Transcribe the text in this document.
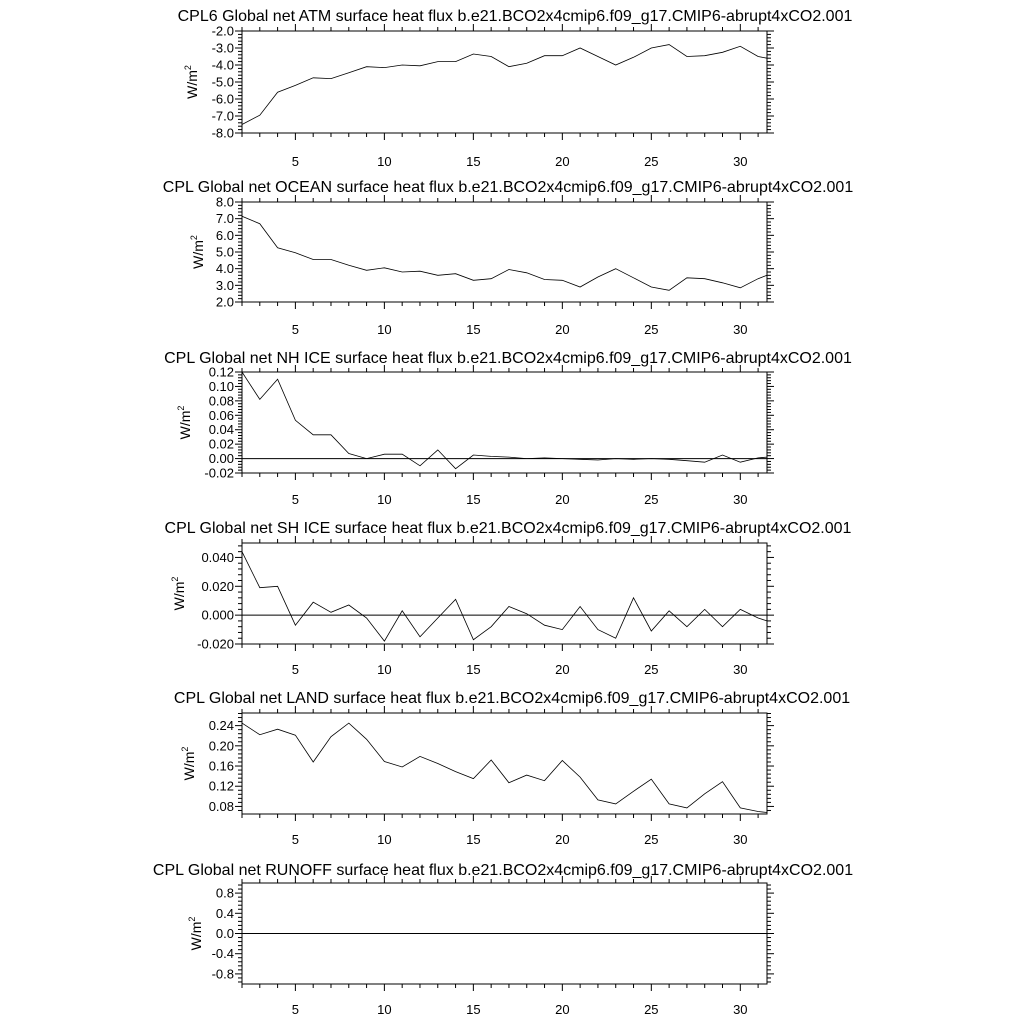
CPL6 Global net ATM surface heat flux b.e21.BCO2x4cmip6.f09_g17.CMIP6-abrupt4xCO2.001
5	10	15	20	25	30
-2.0
-3.0
-4.0
-5.0
-6.0
-7.0
-8.0
$W/m^2$
CPL Global net OCEAN surface heat flux b.e21.BCO2x4cmip6.f09_g17.CMIP6-abrupt4xCO2.001
5	10	15	20	25	30
8.0
7.0
6.0
5.0
4.0
3.0
2.0
$W/m^2$
CPL Global net NH ICE surface heat flux b.e21.BCO2x4cmip6.f09_g17.CMIP6-abrupt4xCO2.001
5	10	15	20	25	30
0.12
0.10
0.08
0.06
0.04
0.02
0.00
-0.02
$W/m^2$
CPL Global net SH ICE surface heat flux b.e21.BCO2x4cmip6.f09_g17.CMIP6-abrupt4xCO2.001
5	10	15	20	25	30
0.040
0.020
0.000
-0.020
$W/m^2$
CPL Global net LAND surface heat flux b.e21.BCO2x4cmip6.f09_g17.CMIP6-abrupt4xCO2.001
5	10	15	20	25	30
0.24
0.20
0.16
0.12
0.08
$W/m^2$
CPL Global net RUNOFF surface heat flux b.e21.BCO2x4cmip6.f09_g17.CMIP6-abrupt4xCO2.001
5	10	15	20	25	30
0.8
0.4
0.0
-0.4
-0.8
$W/m^2$
